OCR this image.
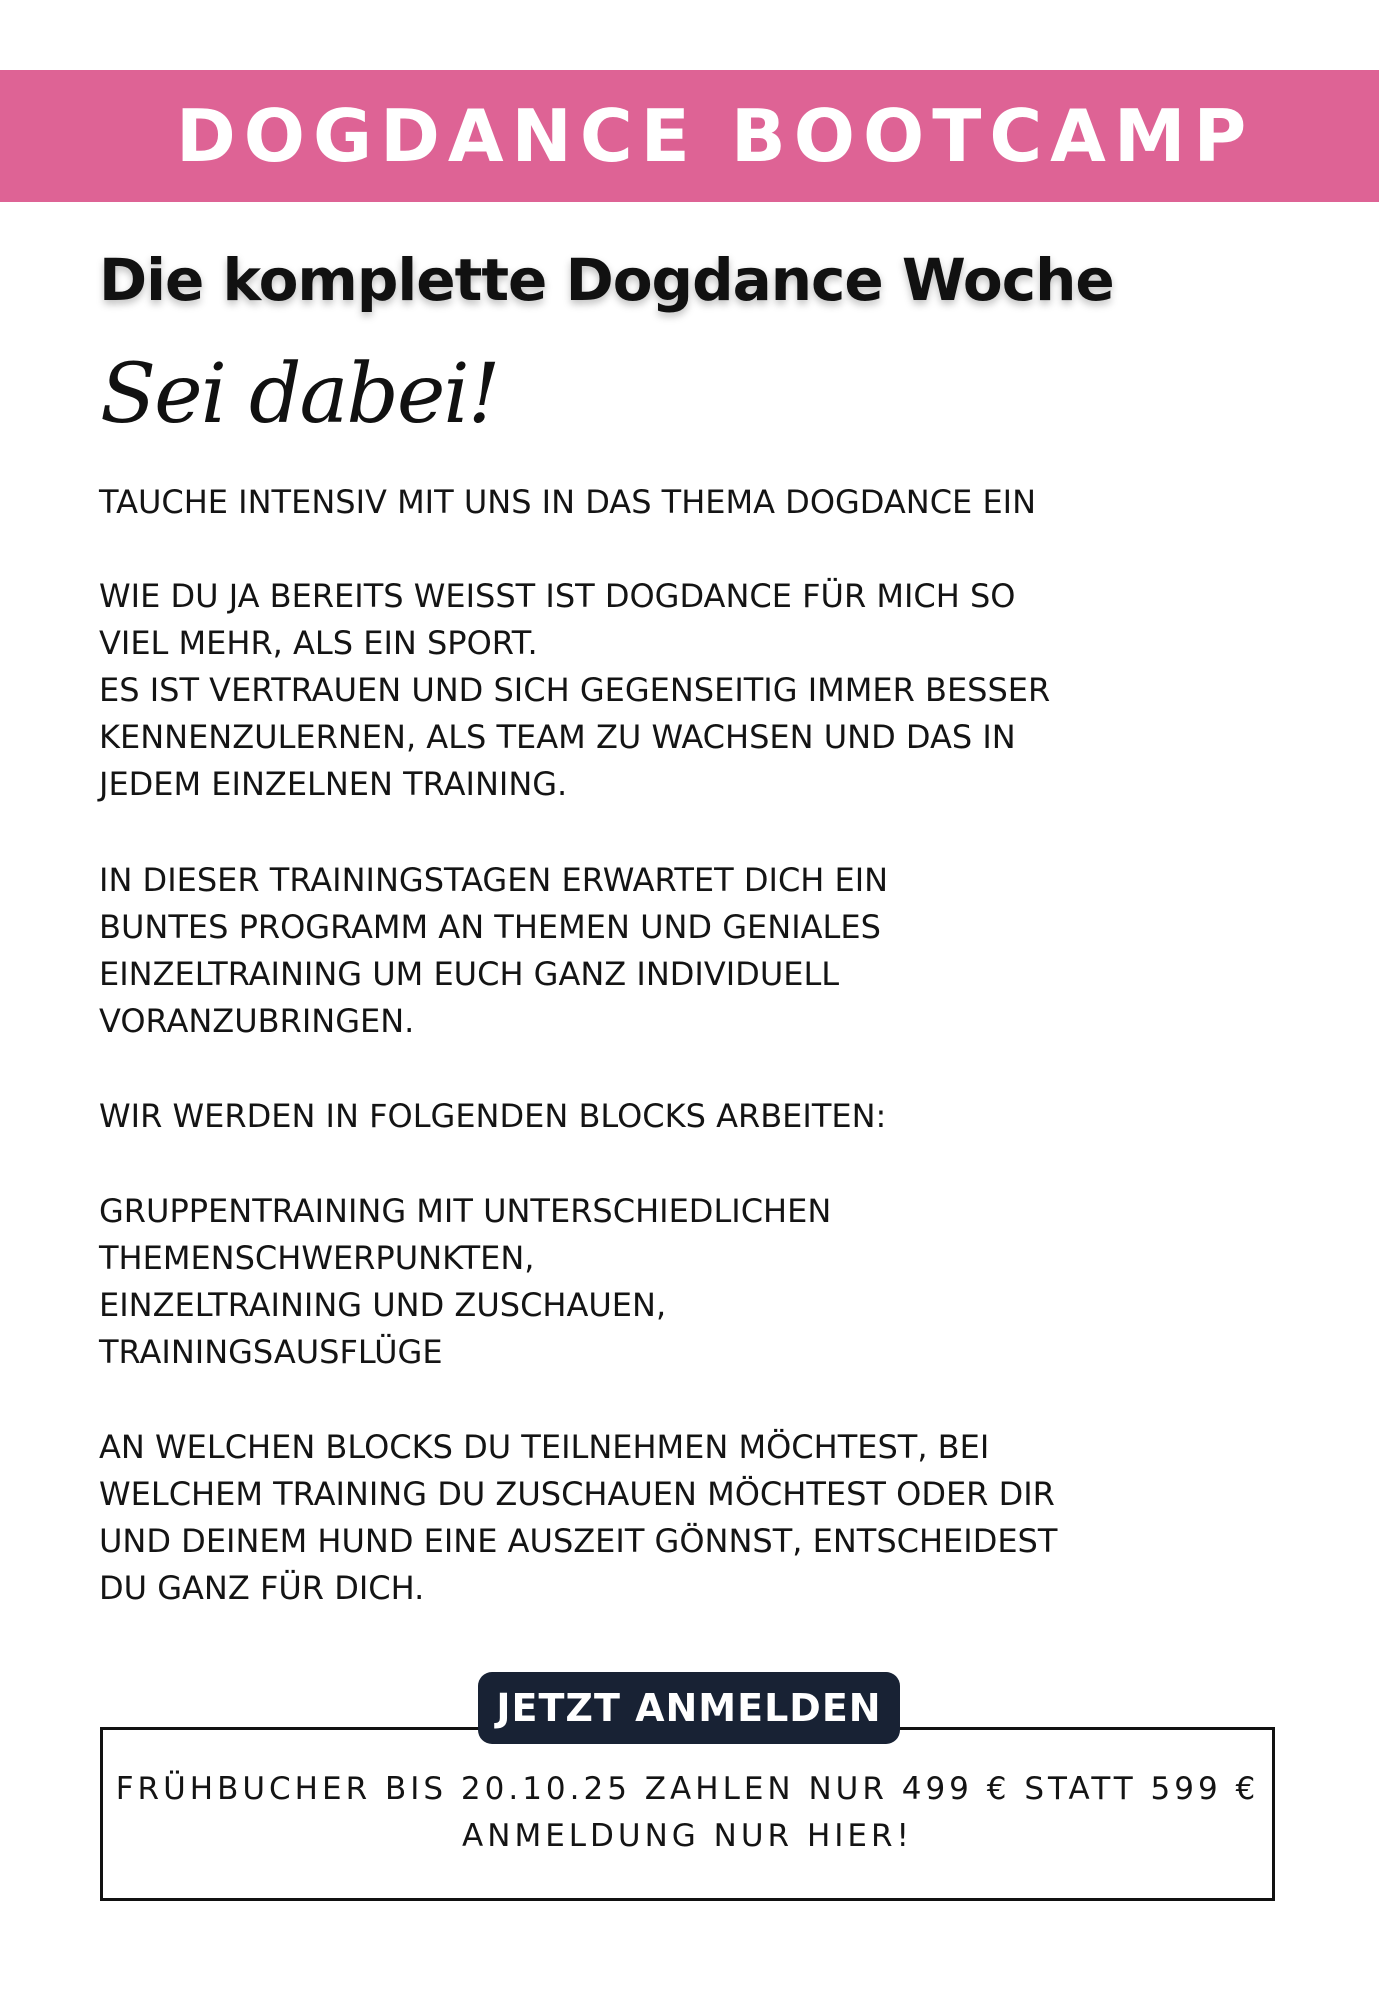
DOGDANCE BOOTCAMP
Die komplette Dogdance Woche
Sei dabei!

TAUCHE INTENSIV MIT UNS IN DAS THEMA DOGDANCE EIN

WIE DU JA BEREITS WEISST IST DOGDANCE FÜR MICH SO
VIEL MEHR, ALS EIN SPORT.
ES IST VERTRAUEN UND SICH GEGENSEITIG IMMER BESSER
KENNENZULERNEN, ALS TEAM ZU WACHSEN UND DAS IN
JEDEM EINZELNEN TRAINING.

IN DIESER TRAININGSTAGEN ERWARTET DICH EIN
BUNTES PROGRAMM AN THEMEN UND GENIALES
EINZELTRAINING UM EUCH GANZ INDIVIDUELL
VORANZUBRINGEN.

WIR WERDEN IN FOLGENDEN BLOCKS ARBEITEN:

GRUPPENTRAINING MIT UNTERSCHIEDLICHEN
THEMENSCHWERPUNKTEN,
EINZELTRAINING UND ZUSCHAUEN,
TRAININGSAUSFLÜGE

AN WELCHEN BLOCKS DU TEILNEHMEN MÖCHTEST, BEI
WELCHEM TRAINING DU ZUSCHAUEN MÖCHTEST ODER DIR
UND DEINEM HUND EINE AUSZEIT GÖNNST, ENTSCHEIDEST
DU GANZ FÜR DICH.

JETZT ANMELDEN

FRÜHBUCHER BIS 20.10.25 ZAHLEN NUR 499 € STATT 599 €

ANMELDUNG NUR HIER!
